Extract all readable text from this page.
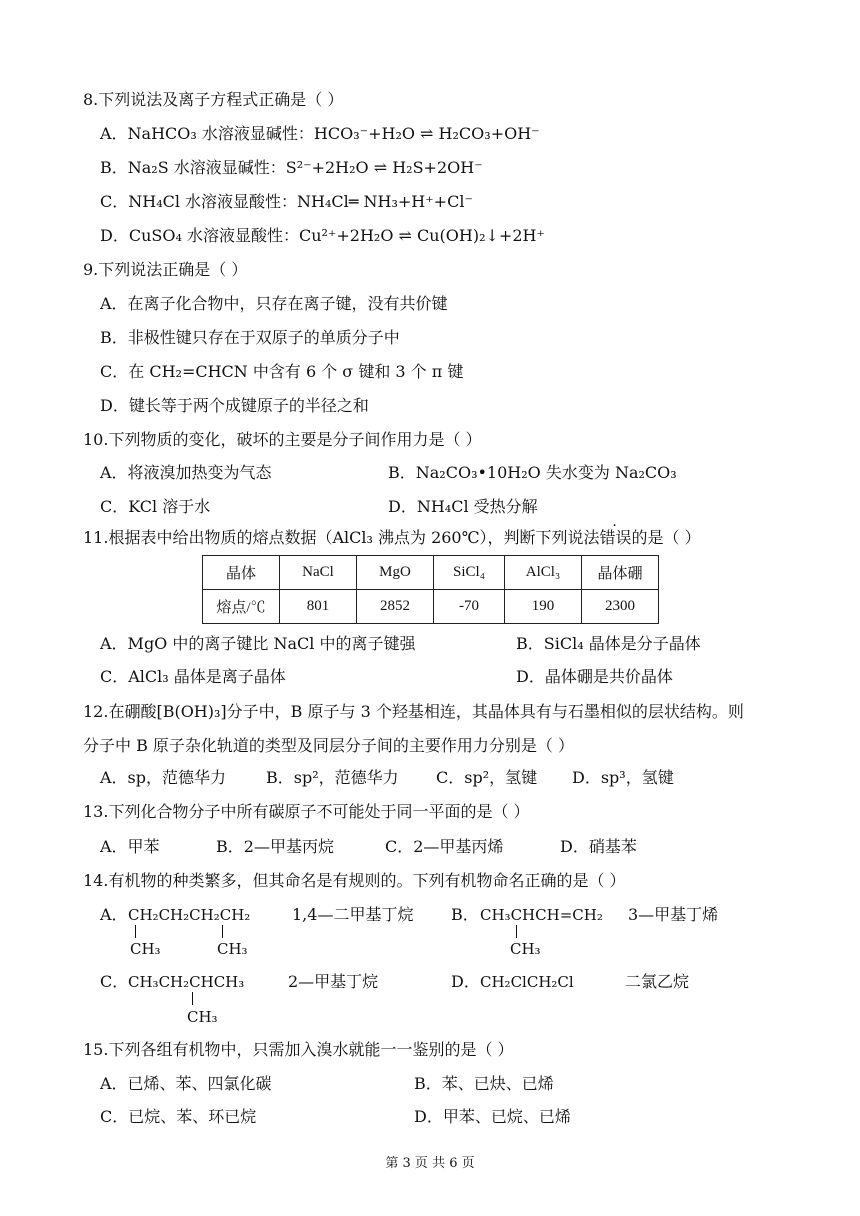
8.下列说法及离子方程式正确是（ ）
A．NaHCO₃ 水溶液显碱性：HCO₃⁻+H₂O ⇌ H₂CO₃+OH⁻
B．Na₂S 水溶液显碱性：S²⁻+2H₂O ⇌ H₂S+2OH⁻
C．NH₄Cl 水溶液显酸性：NH₄Cl═ NH₃+H⁺+Cl⁻
D．CuSO₄ 水溶液显酸性：Cu²⁺+2H₂O ⇌ Cu(OH)₂↓+2H⁺
9.下列说法正确是（ ）
A．在离子化合物中，只存在离子键，没有共价键
B．非极性键只存在于双原子的单质分子中
C．在 CH₂=CHCN 中含有 6 个 σ 键和 3 个 π 键
D．键长等于两个成键原子的半径之和
10.下列物质的变化，破坏的主要是分子间作用力是（ ）
A．将液溴加热变为气态	B．Na₂CO₃•10H₂O 失水变为 Na₂CO₃
C．KCl 溶于水	D．NH₄Cl 受热分解
11.根据表中给出物质的熔点数据（AlCl₃ 沸点为 260℃），判断下列说法错误的是（ ）
晶体	NaCl	MgO	SiCl₄	AlCl₃	晶体硼
熔点/℃	801	2852	-70	190	2300
A．MgO 中的离子键比 NaCl 中的离子键强	B．SiCl₄ 晶体是分子晶体
C．AlCl₃ 晶体是离子晶体	D．晶体硼是共价晶体
12.在硼酸[B(OH)₃]分子中，B 原子与 3 个羟基相连，其晶体具有与石墨相似的层状结构。则
分子中 B 原子杂化轨道的类型及同层分子间的主要作用力分别是（ ）
A．sp，范德华力 B．sp²，范德华力 C．sp²，氢键 D．sp³，氢键
13.下列化合物分子中所有碳原子不可能处于同一平面的是（ ）
A．甲苯	B．2—甲基丙烷	C．2—甲基丙烯	D．硝基苯
14.有机物的种类繁多，但其命名是有规则的。下列有机物命名正确的是（ ）
A． CH₂CH₂CH₂CH₂
CH₃	CH₃
1,4—二甲基丁烷 B． CH₃CHCH=CH₂
CH₃
3—甲基丁烯
C． CH₃CH₂CHCH₃
CH₃
2—甲基丁烷	D． CH₂ClCH₂Cl	二氯乙烷
15.下列各组有机物中，只需加入溴水就能一一鉴别的是（ ）
A．已烯、苯、四氯化碳	B．苯、已炔、已烯
C．已烷、苯、环已烷	D．甲苯、已烷、已烯
第 3 页 共 6 页
